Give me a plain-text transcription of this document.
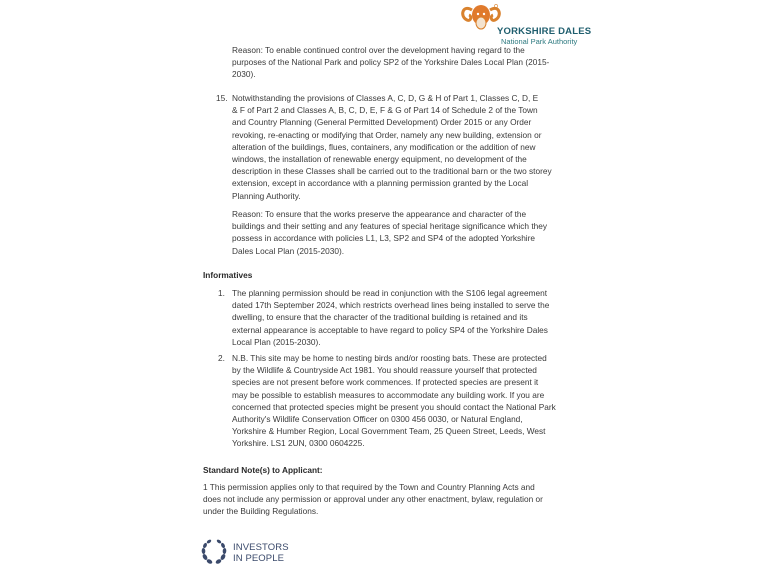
YORKSHIRE DALES
National Park Authority
Reason: To enable continued control over the development having regard to the
purposes of the National Park and policy SP2 of the Yorkshire Dales Local Plan (2015-
2030).
15. Notwithstanding the provisions of Classes A, C, D, G & H of Part 1, Classes C, D, E
& F of Part 2 and Classes A, B, C, D, E, F & G of Part 14 of Schedule 2 of the Town
and Country Planning (General Permitted Development) Order 2015 or any Order
revoking, re-enacting or modifying that Order, namely any new building, extension or
alteration of the buildings, flues, containers, any modification or the addition of new
windows, the installation of renewable energy equipment, no development of the
description in these Classes shall be carried out to the traditional barn or the two storey
extension, except in accordance with a planning permission granted by the Local
Planning Authority.
Reason: To ensure that the works preserve the appearance and character of the
buildings and their setting and any features of special heritage significance which they
possess in accordance with policies L1, L3, SP2 and SP4 of the adopted Yorkshire
Dales Local Plan (2015-2030).
Informatives
1. The planning permission should be read in conjunction with the S106 legal agreement
dated 17th September 2024, which restricts overhead lines being installed to serve the
dwelling, to ensure that the character of the traditional building is retained and its
external appearance is acceptable to have regard to policy SP4 of the Yorkshire Dales
Local Plan (2015-2030).
2. N.B. This site may be home to nesting birds and/or roosting bats. These are protected
by the Wildlife & Countryside Act 1981. You should reassure yourself that protected
species are not present before work commences. If protected species are present it
may be possible to establish measures to accommodate any building work. If you are
concerned that protected species might be present you should contact the National Park
Authority's Wildlife Conservation Officer on 0300 456 0030, or Natural England,
Yorkshire & Humber Region, Local Government Team, 25 Queen Street, Leeds, West
Yorkshire. LS1 2UN, 0300 0604225.
Standard Note(s) to Applicant:
1 This permission applies only to that required by the Town and Country Planning Acts and
does not include any permission or approval under any other enactment, bylaw, regulation or
under the Building Regulations.
INVESTORS
IN PEOPLE
